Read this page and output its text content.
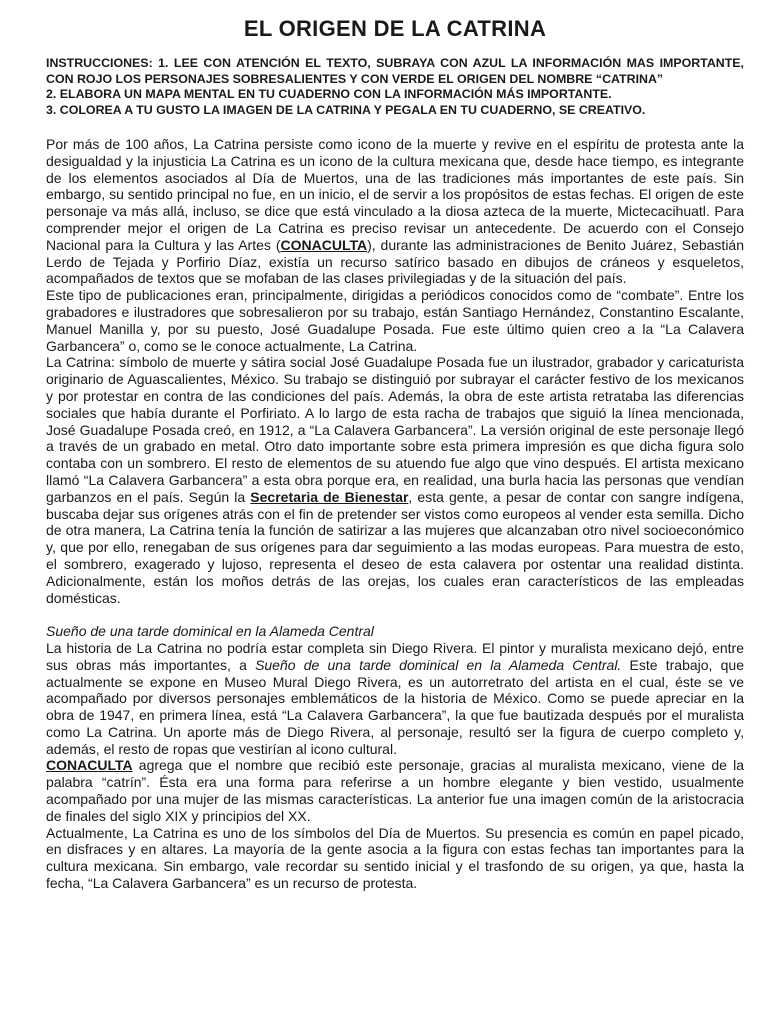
EL ORIGEN DE LA CATRINA
INSTRUCCIONES: 1. LEE CON ATENCIÓN EL TEXTO, SUBRAYA CON AZUL LA INFORMACIÓN MAS IMPORTANTE, CON ROJO LOS PERSONAJES SOBRESALIENTES Y CON VERDE EL ORIGEN DEL NOMBRE “CATRINA”
2. ELABORA UN MAPA MENTAL EN TU CUADERNO CON LA INFORMACIÓN MÁS IMPORTANTE.
3. COLOREA A TU GUSTO LA IMAGEN DE LA CATRINA Y PEGALA EN TU CUADERNO, SE CREATIVO.

Por más de 100 años, La Catrina persiste como icono de la muerte y revive en el espíritu de protesta ante la desigualdad y la injusticia La Catrina es un icono de la cultura mexicana que, desde hace tiempo, es integrante de los elementos asociados al Día de Muertos, una de las tradiciones más importantes de este país. Sin embargo, su sentido principal no fue, en un inicio, el de servir a los propósitos de estas fechas. El origen de este personaje va más allá, incluso, se dice que está vinculado a la diosa azteca de la muerte, Mictecacihuatl. Para comprender mejor el origen de La Catrina es preciso revisar un antecedente. De acuerdo con el Consejo Nacional para la Cultura y las Artes (CONACULTA), durante las administraciones de Benito Juárez, Sebastián Lerdo de Tejada y Porfirio Díaz, existía un recurso satírico basado en dibujos de cráneos y esqueletos, acompañados de textos que se mofaban de las clases privilegiadas y de la situación del país.

Este tipo de publicaciones eran, principalmente, dirigidas a periódicos conocidos como de “combate”. Entre los grabadores e ilustradores que sobresalieron por su trabajo, están Santiago Hernández, Constantino Escalante, Manuel Manilla y, por su puesto, José Guadalupe Posada. Fue este último quien creo a la “La Calavera Garbancera” o, como se le conoce actualmente, La Catrina.

La Catrina: símbolo de muerte y sátira social José Guadalupe Posada fue un ilustrador, grabador y caricaturista originario de Aguascalientes, México. Su trabajo se distinguió por subrayar el carácter festivo de los mexicanos y por protestar en contra de las condiciones del país. Además, la obra de este artista retrataba las diferencias sociales que había durante el Porfiriato. A lo largo de esta racha de trabajos que siguió la línea mencionada, José Guadalupe Posada creó, en 1912, a “La Calavera Garbancera”. La versión original de este personaje llegó a través de un grabado en metal. Otro dato importante sobre esta primera impresión es que dicha figura solo contaba con un sombrero. El resto de elementos de su atuendo fue algo que vino después. El artista mexicano llamó “La Calavera Garbancera” a esta obra porque era, en realidad, una burla hacia las personas que vendían garbanzos en el país. Según la Secretaria de Bienestar, esta gente, a pesar de contar con sangre indígena, buscaba dejar sus orígenes atrás con el fin de pretender ser vistos como europeos al vender esta semilla. Dicho de otra manera, La Catrina tenía la función de satirizar a las mujeres que alcanzaban otro nivel socioeconómico y, que por ello, renegaban de sus orígenes para dar seguimiento a las modas europeas. Para muestra de esto, el sombrero, exagerado y lujoso, representa el deseo de esta calavera por ostentar una realidad distinta. Adicionalmente, están los moños detrás de las orejas, los cuales eran característicos de las empleadas domésticas.

Sueño de una tarde dominical en la Alameda Central

La historia de La Catrina no podría estar completa sin Diego Rivera. El pintor y muralista mexicano dejó, entre sus obras más importantes, a Sueño de una tarde dominical en la Alameda Central. Este trabajo, que actualmente se expone en Museo Mural Diego Rivera, es un autorretrato del artista en el cual, éste se ve acompañado por diversos personajes emblemáticos de la historia de México. Como se puede apreciar en la obra de 1947, en primera línea, está “La Calavera Garbancera”, la que fue bautizada después por el muralista como La Catrina. Un aporte más de Diego Rivera, al personaje, resultó ser la figura de cuerpo completo y, además, el resto de ropas que vestirían al icono cultural.

CONACULTA agrega que el nombre que recibió este personaje, gracias al muralista mexicano, viene de la palabra “catrín”. Ésta era una forma para referirse a un hombre elegante y bien vestido, usualmente acompañado por una mujer de las mismas características. La anterior fue una imagen común de la aristocracia de finales del siglo XIX y principios del XX.

Actualmente, La Catrina es uno de los símbolos del Día de Muertos. Su presencia es común en papel picado, en disfraces y en altares. La mayoría de la gente asocia a la figura con estas fechas tan importantes para la cultura mexicana. Sin embargo, vale recordar su sentido inicial y el trasfondo de su origen, ya que, hasta la fecha, “La Calavera Garbancera” es un recurso de protesta.
